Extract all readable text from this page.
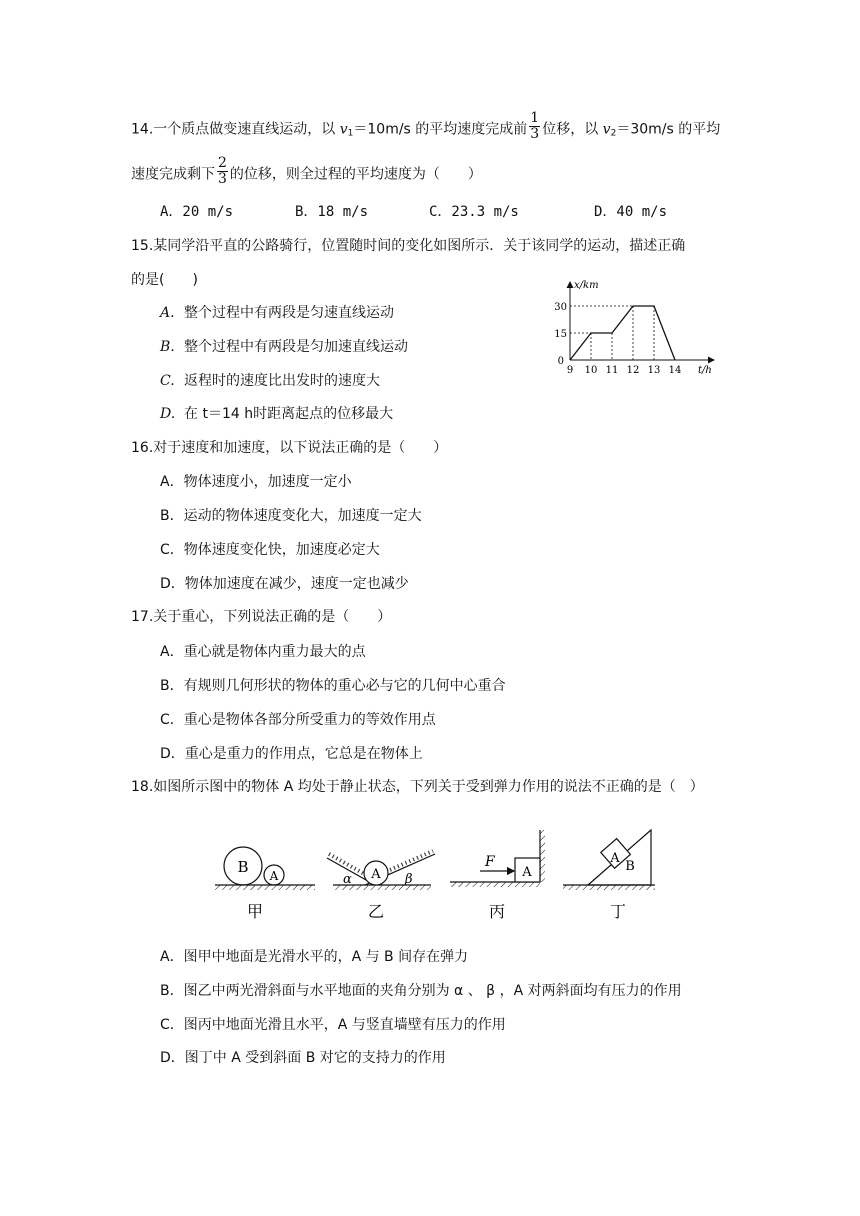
14.一个质点做变速直线运动，以 $v_1=10m/s$ 的平均速度完成前 $\frac{1}{3}$ 位移，以 $v_2=30m/s$ 的平均
速度完成剩下 $\frac{2}{3}$ 的位移，则全过程的平均速度为（　　）
A．20 m/s	B．18 m/s	C．23.3 m/s	D．40 m/s
15.某同学沿平直的公路骑行，位置随时间的变化如图所示．关于该同学的运动，描述正确
的是(　　)
A. 整个过程中有两段是匀速直线运动
B. 整个过程中有两段是匀加速直线运动
C. 返程时的速度比出发时的速度大
D. 在 t＝14 h时距离起点的位移最大
9 10 11 12 13 14
15
30
0
x/km
t/h
16.对于速度和加速度，以下说法正确的是（　　）
A．物体速度小，加速度一定小
B．运动的物体速度变化大，加速度一定大
C．物体速度变化快，加速度必定大
D．物体加速度在减少，速度一定也减少
17.关于重心，下列说法正确的是（　　）
A．重心就是物体内重力最大的点
B．有规则几何形状的物体的重心必与它的几何中心重合
C．重心是物体各部分所受重力的等效作用点
D．重心是重力的作用点，它总是在物体上
18.如图所示图中的物体 A 均处于静止状态，下列关于受到弹力作用的说法不正确的是（　）
B A
甲
A
α	β
乙
A
F
丙
A
B
丁
A．图甲中地面是光滑水平的，A 与 B 间存在弹力
B．图乙中两光滑斜面与水平地面的夹角分别为 α 、 β ，A 对两斜面均有压力的作用
C．图丙中地面光滑且水平，A 与竖直墙壁有压力的作用
D．图丁中 A 受到斜面 B 对它的支持力的作用
